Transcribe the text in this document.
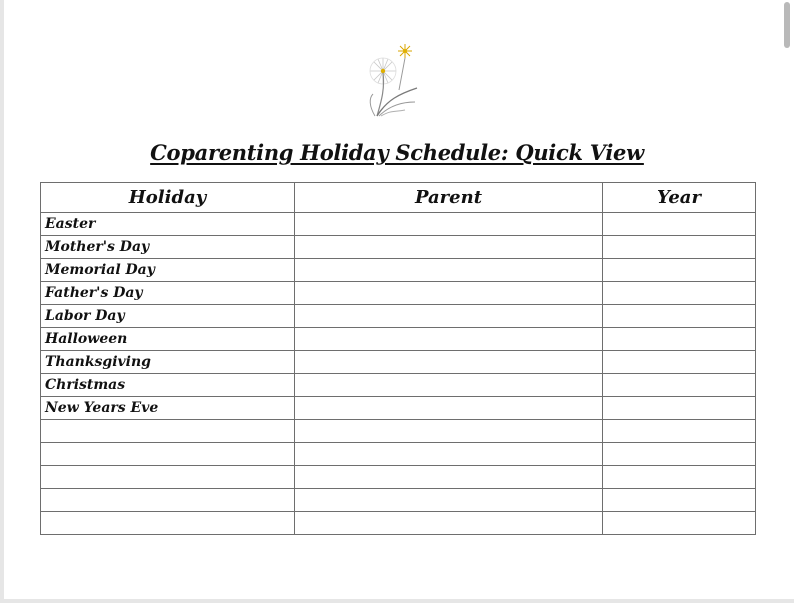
Coparenting Holiday Schedule: Quick View
Holiday	Parent	Year
Easter		
Mother's Day		
Memorial Day		
Father's Day		
Labor Day		
Halloween		
Thanksgiving		
Christmas		
New Years Eve		
